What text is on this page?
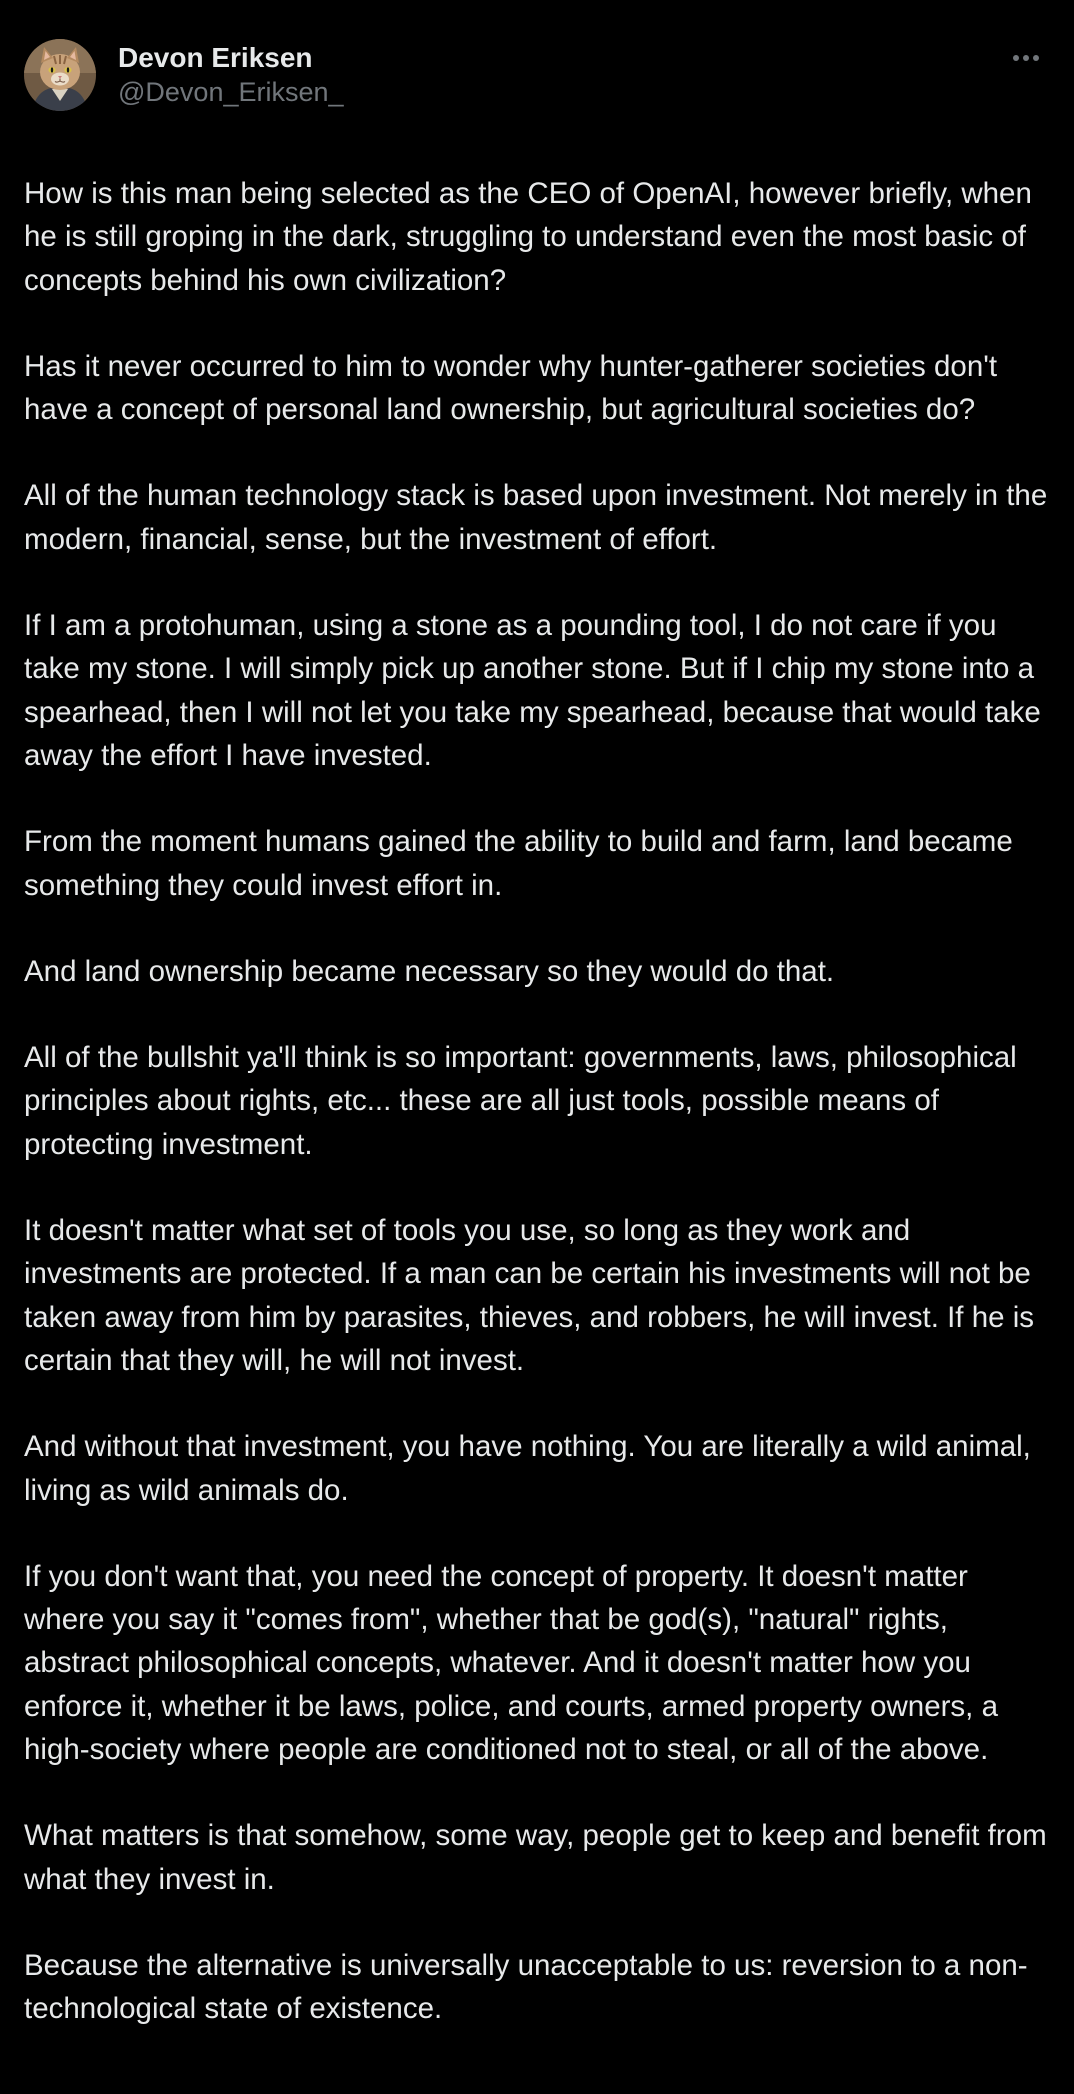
Devon Eriksen
@Devon_Eriksen_

How is this man being selected as the CEO of OpenAI, however briefly, when he is still groping in the dark, struggling to understand even the most basic of concepts behind his own civilization?

Has it never occurred to him to wonder why hunter-gatherer societies don't have a concept of personal land ownership, but agricultural societies do?

All of the human technology stack is based upon investment. Not merely in the modern, financial, sense, but the investment of effort.

If I am a protohuman, using a stone as a pounding tool, I do not care if you take my stone. I will simply pick up another stone. But if I chip my stone into a spearhead, then I will not let you take my spearhead, because that would take away the effort I have invested.

From the moment humans gained the ability to build and farm, land became something they could invest effort in.

And land ownership became necessary so they would do that.

All of the bullshit ya'll think is so important: governments, laws, philosophical principles about rights, etc... these are all just tools, possible means of protecting investment.

It doesn't matter what set of tools you use, so long as they work and investments are protected. If a man can be certain his investments will not be taken away from him by parasites, thieves, and robbers, he will invest. If he is certain that they will, he will not invest.

And without that investment, you have nothing. You are literally a wild animal, living as wild animals do.

If you don't want that, you need the concept of property. It doesn't matter where you say it "comes from", whether that be god(s), "natural" rights, abstract philosophical concepts, whatever. And it doesn't matter how you enforce it, whether it be laws, police, and courts, armed property owners, a high-society where people are conditioned not to steal, or all of the above.

What matters is that somehow, some way, people get to keep and benefit from what they invest in.

Because the alternative is universally unacceptable to us: reversion to a non-technological state of existence.
